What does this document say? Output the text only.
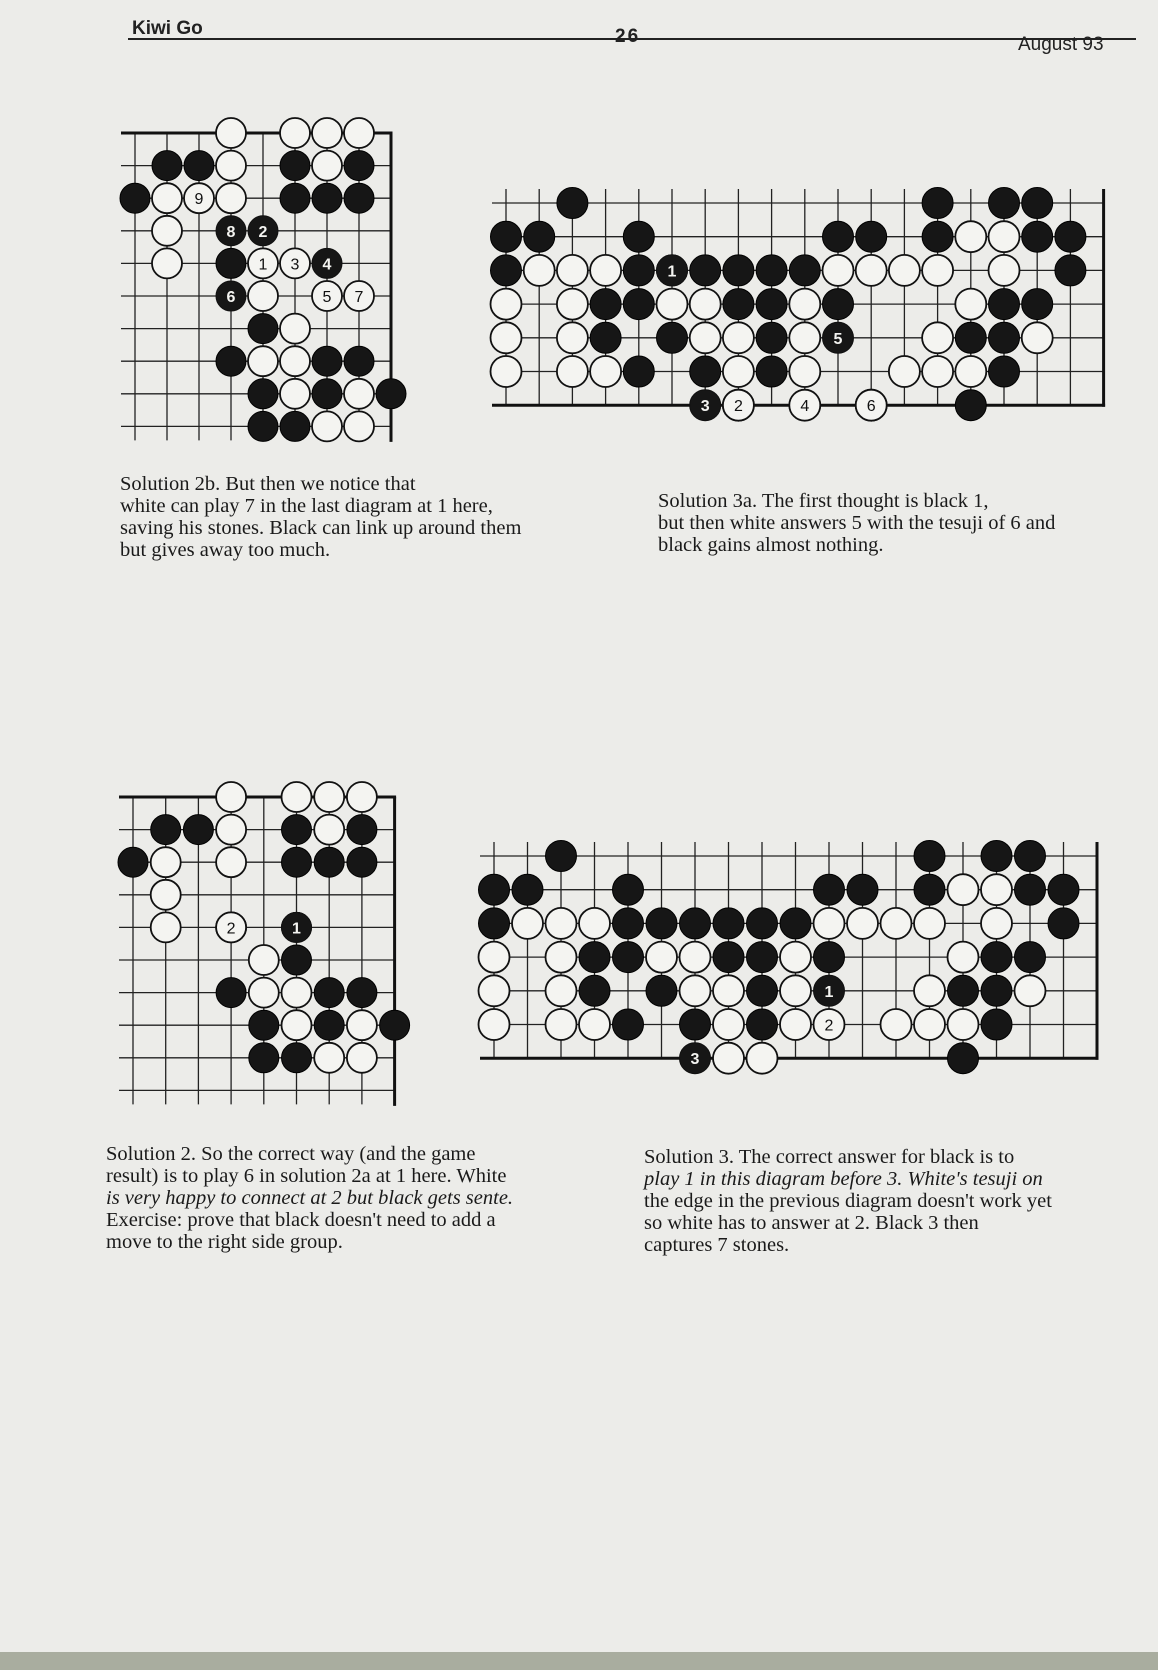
Kiwi Go	26	August 93
9
8 2
1 3 4
6	5 7
1
5
3 2	4	6
2	1
1
2
3
Solution 2b. But then we notice that
white can play 7 in the last diagram at 1 here,
saving his stones. Black can link up around them
but gives away too much.
Solution 3a. The first thought is black 1,
but then white answers 5 with the tesuji of 6 and
black gains almost nothing.
Solution 2. So the correct way (and the game
result) is to play 6 in solution 2a at 1 here. White
is very happy to connect at 2 but black gets sente.
Exercise: prove that black doesn't need to add a
move to the right side group.
Solution 3. The correct answer for black is to
play 1 in this diagram before 3. White's tesuji on
the edge in the previous diagram doesn't work yet
so white has to answer at 2. Black 3 then
captures 7 stones.
